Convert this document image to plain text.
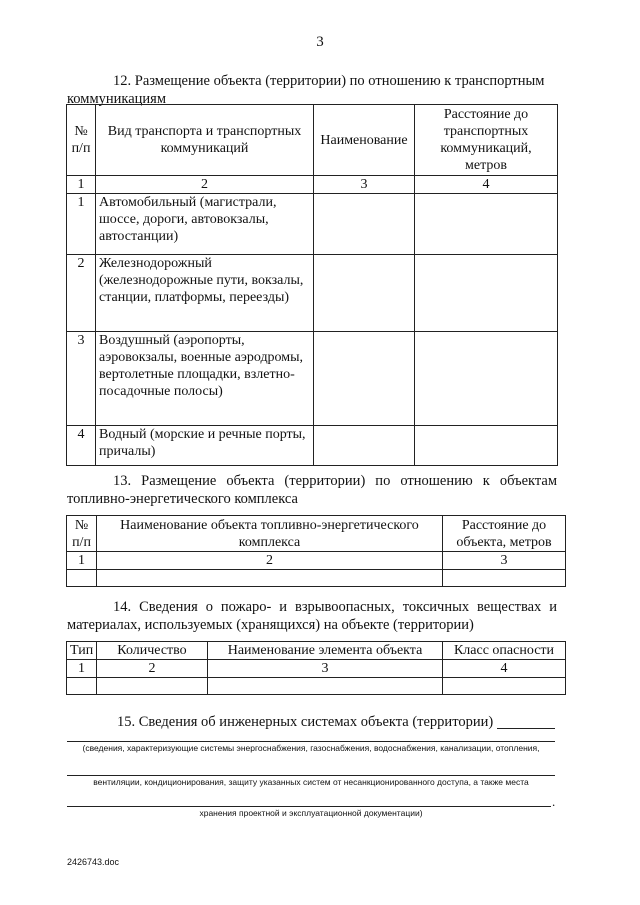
3
12. Размещение объекта (территории) по отношению к транспортным коммуникациям
№ п/п	Вид транспорта и транспортных коммуникаций	Наименование	Расстояние до транспортных коммуникаций, метров
1	2	3	4
1	Автомобильный (магистрали, шоссе, дороги, автовокзалы, автостанции)		
2	Железнодорожный (железнодорожные пути, вокзалы, станции, платформы, переезды)		
3	Воздушный (аэропорты, аэровокзалы, военные аэродромы, вертолетные площадки, взлетно-посадочные полосы)		
4	Водный (морские и речные порты, причалы)		
13. Размещение объекта (территории) по отношению к объектам топливно-энергетического комплекса
№ п/п	Наименование объекта топливно-энергетического комплекса	Расстояние до объекта, метров
1	2	3

14. Сведения о пожаро- и взрывоопасных, токсичных веществах и материалах, используемых (хранящихся) на объекте (территории)
Тип	Количество	Наименование элемента объекта	Класс опасности
1	2	3	4

15. Сведения об инженерных системах объекта (территории)
(сведения, характеризующие системы энергоснабжения, газоснабжения, водоснабжения, канализации, отопления,
вентиляции, кондиционирования, защиту указанных систем от несанкционированного доступа, а также места
.
хранения проектной и эксплуатационной документации)
2426743.doc
